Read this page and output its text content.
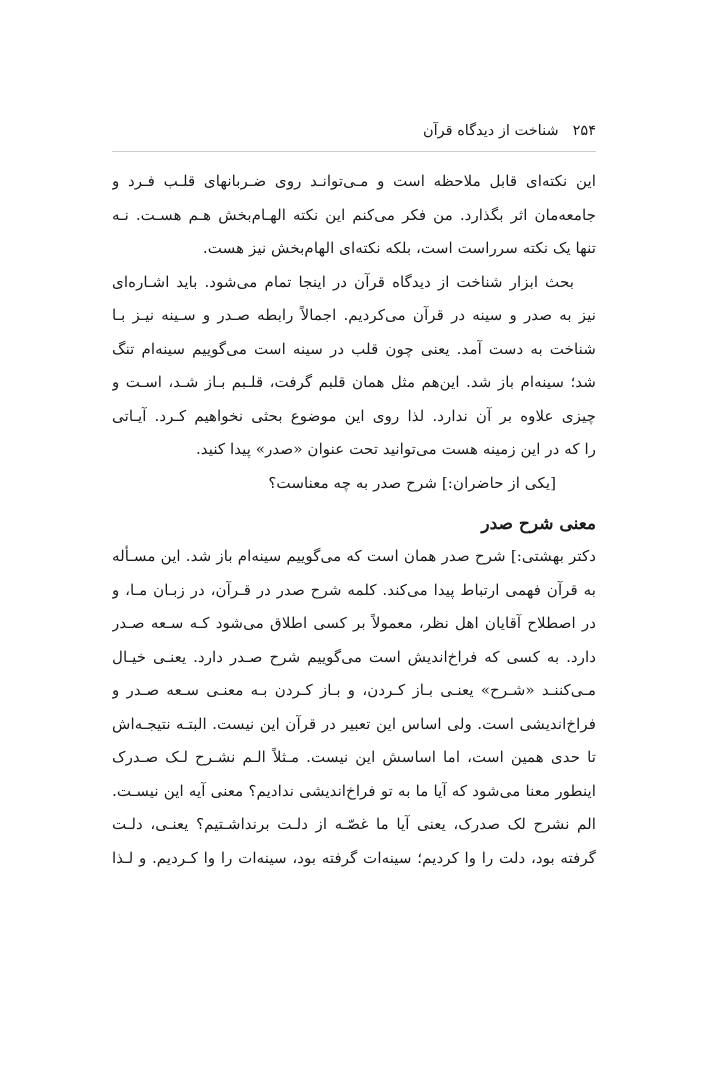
۲۵۴شناخت از دیدگاه قرآن
این نکته‌ای قابل ملاحظه است و مـی‌توانـد روی ضـربانهای قلـب فـرد و
جامعه‌مان اثر بگذارد. من فکر می‌کنم این نکته الهـام‌بخش هـم هسـت. نـه
تنها یک نکته سرراست است، بلکه نکته‌ای الهام‌بخش نیز هست.
بحث ابزار شناخت از دیدگاه قرآن در اینجا تمام می‌شود. باید اشـاره‌ای
نیز به صدر و سینه در قرآن می‌کردیم. اجمالاً رابطه صـدر و سـینه نیـز بـا
شناخت به دست آمد. یعنی چون قلب در سینه است می‌گوییم سینه‌ام تنگ
شد؛ سینه‌ام باز شد. این‌هم مثل همان قلبم گرفت، قلـبم بـاز شـد، اسـت و
چیزی علاوه بر آن ندارد. لذا روی این موضوع بحثی نخواهیم کـرد. آیـاتی
را که در این زمینه هست می‌توانید تحت عنوان «صدر» پیدا کنید.
[یکی از حاضران:] شرح صدر به چه معناست؟
معنی شرح صدر
دکتر بهشتی:] شرح صدر همان است که می‌گوییم سینه‌ام باز شد. این مسـأله
به قرآن فهمی ارتباط پیدا می‌کند. کلمه شرح صدر در قـرآن، در زبـان مـا، و
در اصطلاح آقایان اهل نظر، معمولاً بر کسی اطلاق می‌شود کـه سـعه صـدر
دارد. به کسی که فراخ‌اندیش است می‌گوییم شرح صـدر دارد. یعنـی خیـال
مـی‌کننـد «شـرح» یعنـی بـاز کـردن، و بـاز کـردن بـه معنـی سـعه صـدر و
فراخ‌اندیشی است. ولی اساس این تعبیر در قرآن این نیست. البتـه نتیجـه‌اش
تا حدی همین است، اما اساسش این نیست. مـثلاً الـم نشـرح لـک صـدرک
اینطور معنا می‌شود که آیا ما به تو فراخ‌اندیشی ندادیم؟ معنی آیه این نیسـت.
الم نشرح لک صدرک، یعنی آیا ما غصّـه از دلـت برنداشـتیم؟ یعنـی، دلـت
گرفته بود، دلت را وا کردیم؛ سینه‌ات گرفته بود، سینه‌ات را وا کـردیم. و لـذا
